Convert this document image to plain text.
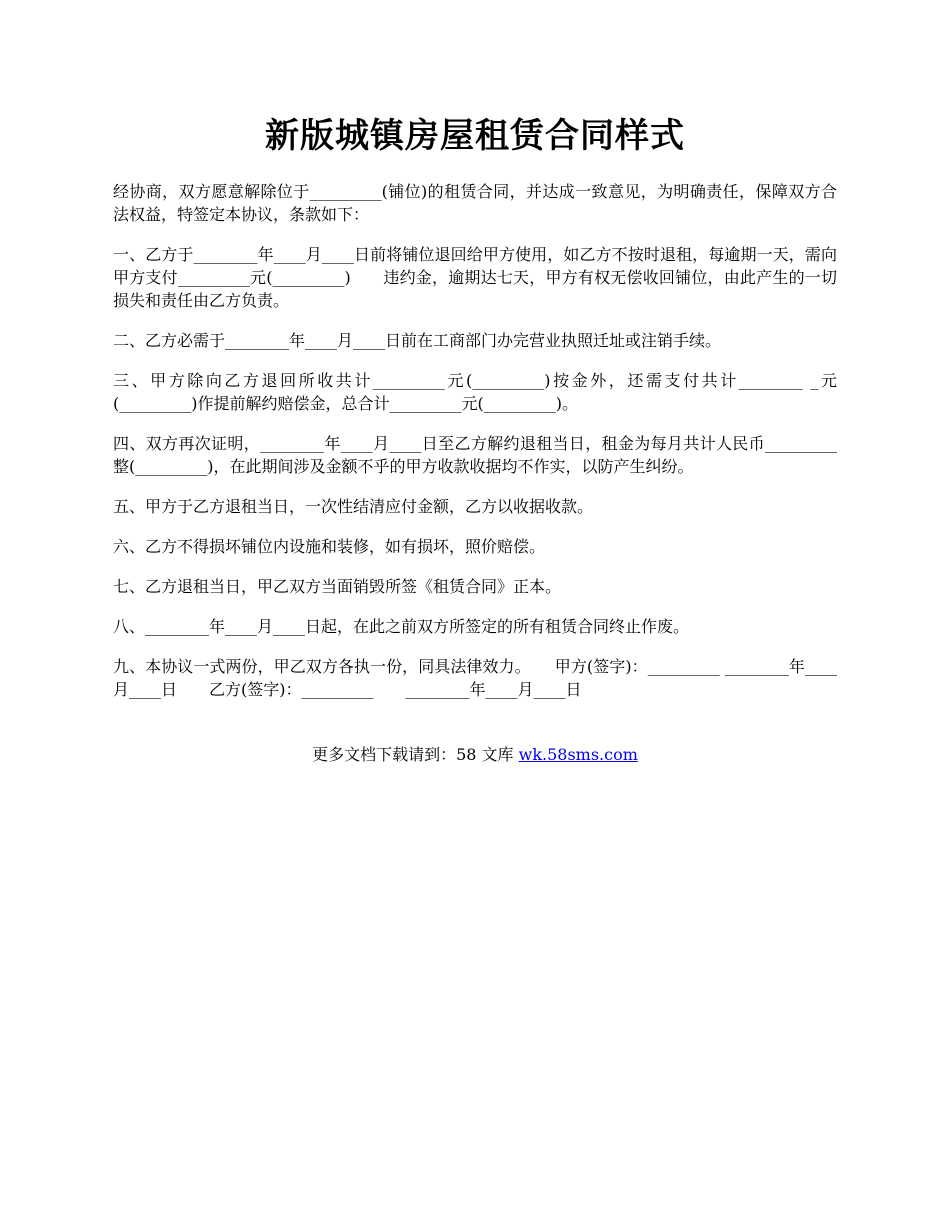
新版城镇房屋租赁合同样式

经协商，双方愿意解除位于_________(铺位)的租赁合同，并达成一致意见，为明确责任，保障双方合法权益，特签定本协议，条款如下：

一、乙方于________年____月____日前将铺位退回给甲方使用，如乙方不按时退租，每逾期一天，需向甲方支付_________元(_________)　　违约金，逾期达七天，甲方有权无偿收回铺位，由此产生的一切损失和责任由乙方负责。

二、乙方必需于________年____月____日前在工商部门办完营业执照迁址或注销手续。

三、甲方除向乙方退回所收共计_________元(_________)按金外，还需支付共计________ _元(_________)作提前解约赔偿金，总合计_________元(_________)。

四、双方再次证明，________年____月____日至乙方解约退租当日，租金为每月共计人民币_________整(_________)，在此期间涉及金额不乎的甲方收款收据均不作实，以防产生纠纷。

五、甲方于乙方退租当日，一次性结清应付金额，乙方以收据收款。

六、乙方不得损坏铺位内设施和装修，如有损坏，照价赔偿。

七、乙方退租当日，甲乙双方当面销毁所签《租赁合同》正本。

八、________年____月____日起，在此之前双方所签定的所有租赁合同终止作废。

九、本协议一式两份，甲乙双方各执一份，同具法律效力。　　甲方(签字)：_________ ________年____月____日　　乙方(签字)：_________　　________年____月____日

更多文档下载请到：58 文库 wk.58sms.com
